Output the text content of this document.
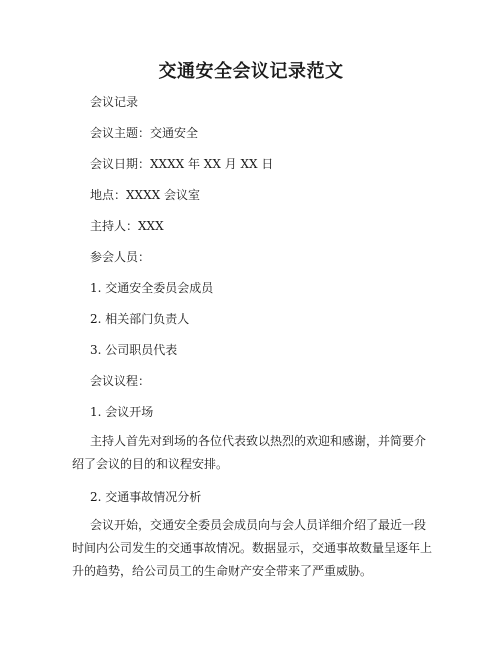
交通安全会议记录范文
会议记录
会议主题：交通安全
会议日期：XXXX 年 XX 月 XX 日
地点：XXXX 会议室
主持人：XXX
参会人员：
1. 交通安全委员会成员
2. 相关部门负责人
3. 公司职员代表
会议议程：
1. 会议开场
主持人首先对到场的各位代表致以热烈的欢迎和感谢，并简要介绍了会议的目的和议程安排。
2. 交通事故情况分析
会议开始，交通安全委员会成员向与会人员详细介绍了最近一段时间内公司发生的交通事故情况。数据显示，交通事故数量呈逐年上升的趋势，给公司员工的生命财产安全带来了严重威胁。
